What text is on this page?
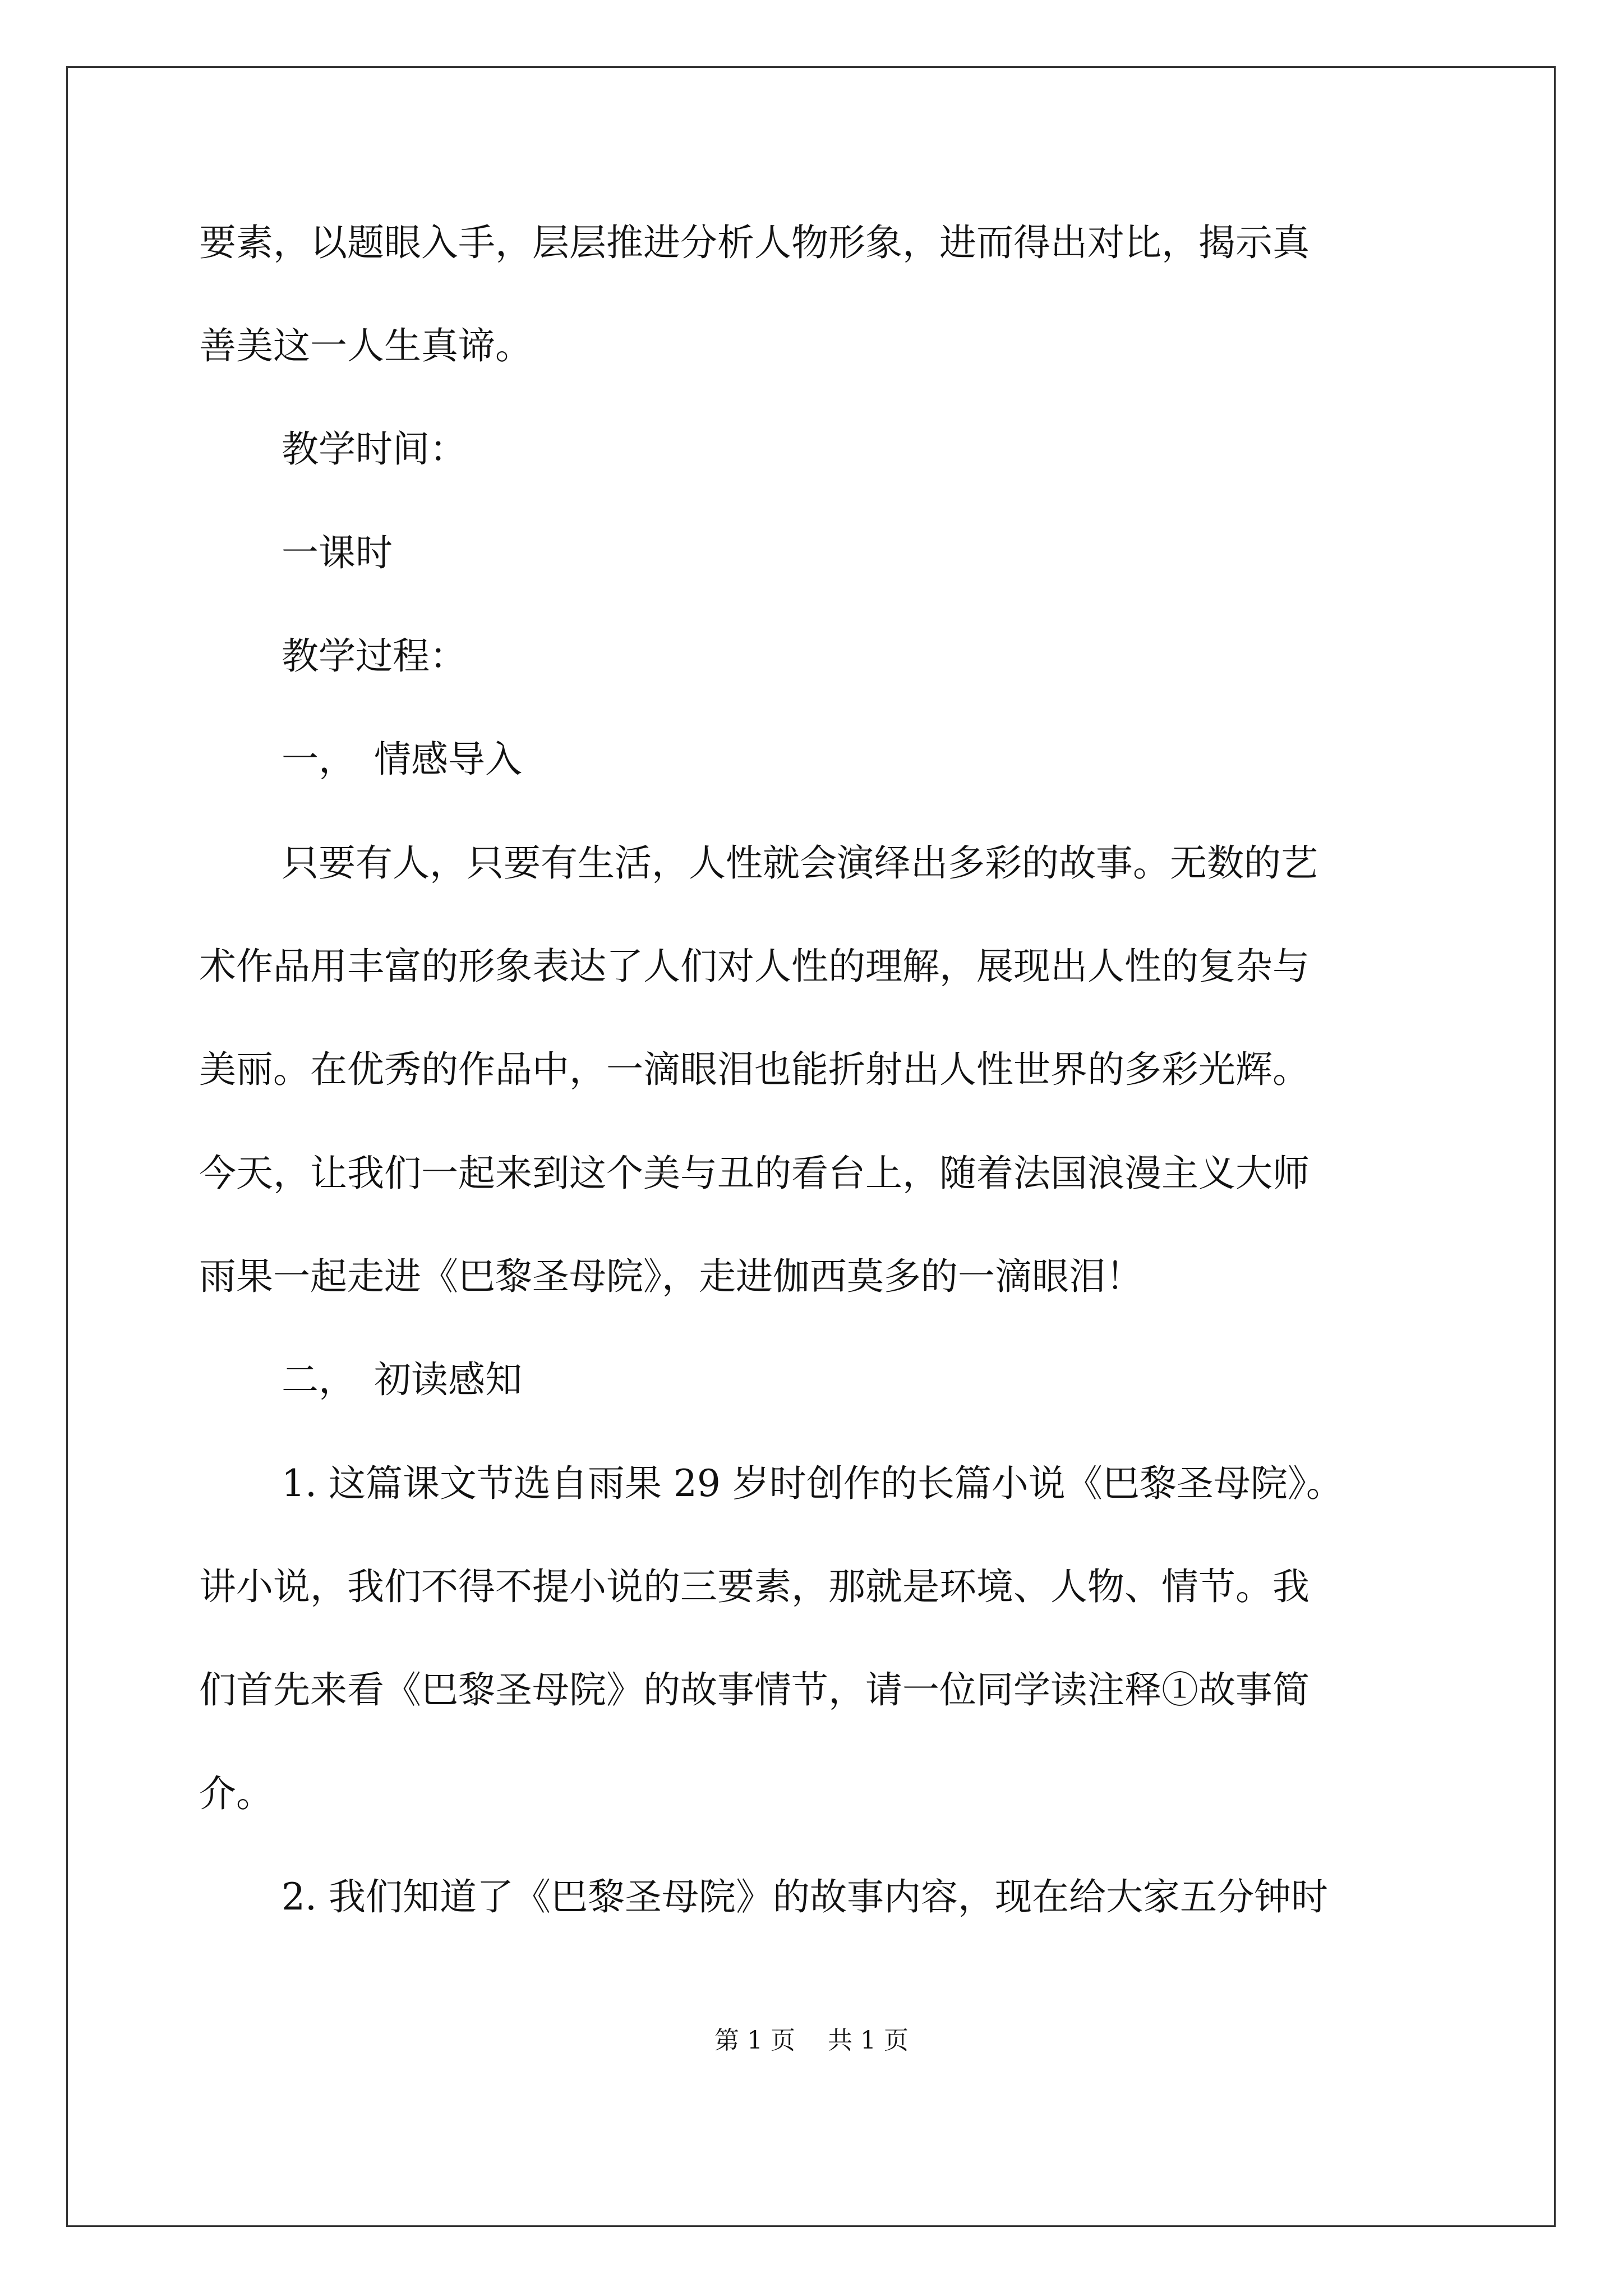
要素，以题眼入手，层层推进分析人物形象，进而得出对比，揭示真
善美这一人生真谛。
教学时间：
一课时
教学过程：
一，　情感导入
只要有人，只要有生活，人性就会演绎出多彩的故事。无数的艺
术作品用丰富的形象表达了人们对人性的理解，展现出人性的复杂与
美丽。在优秀的作品中，一滴眼泪也能折射出人性世界的多彩光辉。
今天，让我们一起来到这个美与丑的看台上，随着法国浪漫主义大师
雨果一起走进《巴黎圣母院》，走进伽西莫多的一滴眼泪！
二，　初读感知
1. 这篇课文节选自雨果 29 岁时创作的长篇小说《巴黎圣母院》。
讲小说，我们不得不提小说的三要素，那就是环境、人物、情节。我
们首先来看《巴黎圣母院》的故事情节，请一位同学读注释①故事简
介。
2. 我们知道了《巴黎圣母院》的故事内容，现在给大家五分钟时
第 1 页　 共 1 页
